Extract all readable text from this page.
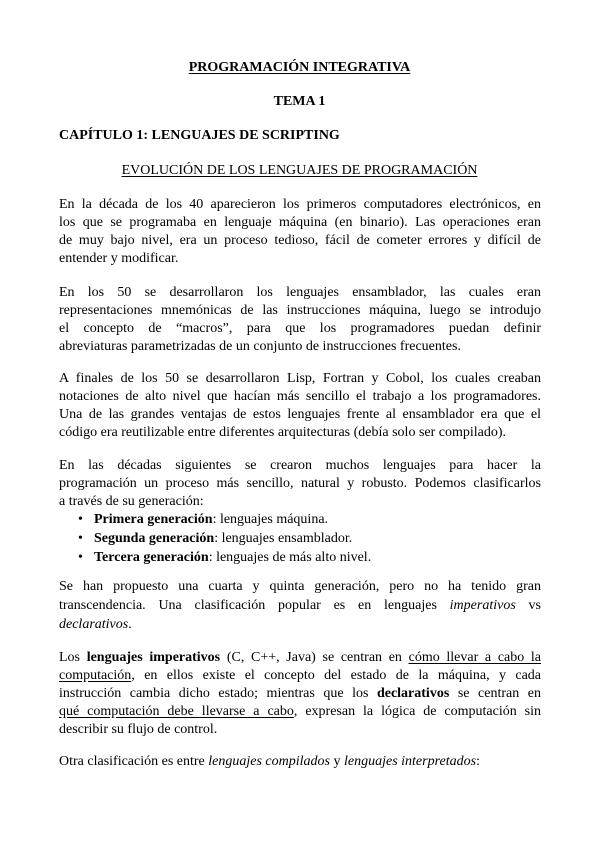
PROGRAMACIÓN INTEGRATIVA
TEMA 1
CAPÍTULO 1: LENGUAJES DE SCRIPTING
EVOLUCIÓN DE LOS LENGUAJES DE PROGRAMACIÓN
En la década de los 40 aparecieron los primeros computadores electrónicos, en
los que se programaba en lenguaje máquina (en binario). Las operaciones eran
de muy bajo nivel, era un proceso tedioso, fácil de cometer errores y difícil de
entender y modificar.
En los 50 se desarrollaron los lenguajes ensamblador, las cuales eran
representaciones mnemónicas de las instrucciones máquina, luego se introdujo
el concepto de “macros”, para que los programadores puedan definir
abreviaturas parametrizadas de un conjunto de instrucciones frecuentes.
A finales de los 50 se desarrollaron Lisp, Fortran y Cobol, los cuales creaban
notaciones de alto nivel que hacían más sencillo el trabajo a los programadores.
Una de las grandes ventajas de estos lenguajes frente al ensamblador era que el
código era reutilizable entre diferentes arquitecturas (debía solo ser compilado).
En las décadas siguientes se crearon muchos lenguajes para hacer la
programación un proceso más sencillo, natural y robusto. Podemos clasificarlos
a través de su generación:
• Primera generación: lenguajes máquina.
• Segunda generación: lenguajes ensamblador.
• Tercera generación: lenguajes de más alto nivel.
Se han propuesto una cuarta y quinta generación, pero no ha tenido gran
transcendencia. Una clasificación popular es en lenguajes imperativos vs
declarativos.
Los lenguajes imperativos (C, C++, Java) se centran en cómo llevar a cabo la
computación, en ellos existe el concepto del estado de la máquina, y cada
instrucción cambia dicho estado; mientras que los declarativos se centran en
qué computación debe llevarse a cabo, expresan la lógica de computación sin
describir su flujo de control.
Otra clasificación es entre lenguajes compilados y lenguajes interpretados:
